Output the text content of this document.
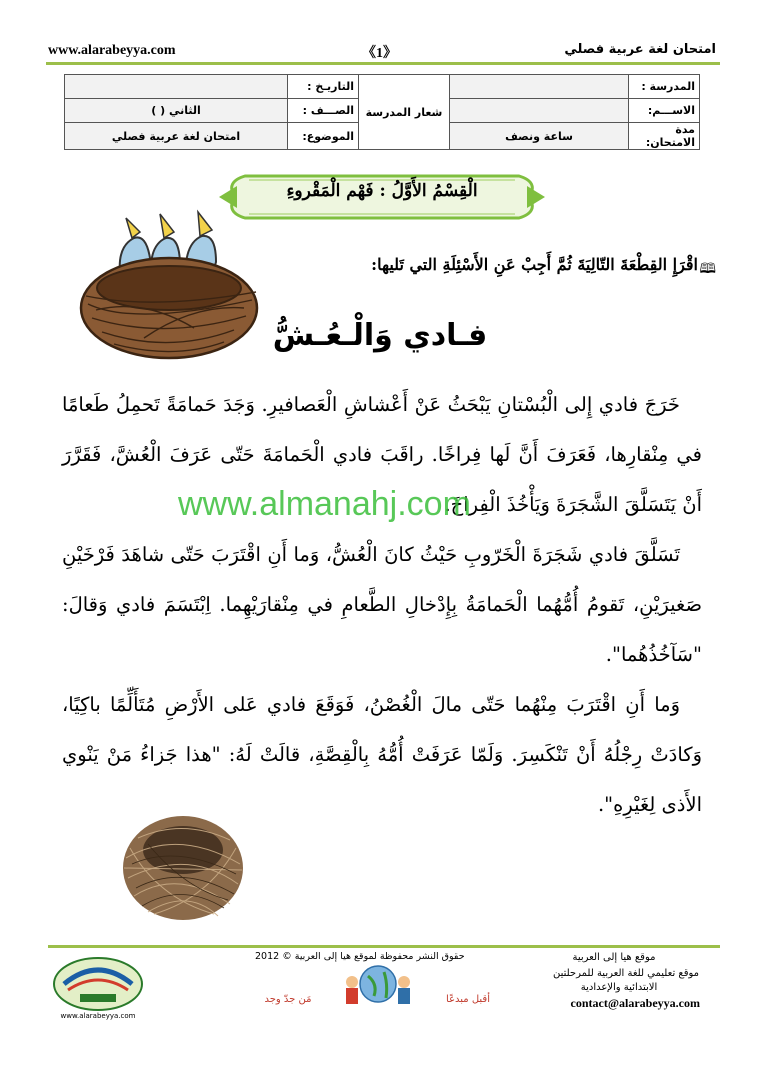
www.alarabeyya.com	《1》	امتحان لغة عربية فصلي
المدرسة :		شعار المدرسة	التاريـخ :	
الاســـم:			الصـــف :	الثاني ( )
مدة الامتحان:	ساعة ونصف		الموضوع:	امتحان لغة عربية فصلي
الْقِسْمُ الأَوَّلُ : فَهْم الْمَقْروءِ
🕮
اقْرَإِ القِطْعَةَ التّالِيَةَ ثُمَّ أَجِبْ عَنِ الأَسْئِلَةِ التي تَليها:
فـادي وَالْـعُـشُّ
خَرَجَ فادي إِلى الْبُسْتانِ يَبْحَثُ عَنْ أَعْشاشِ الْعَصافيرِ. وَجَدَ حَمامَةً تَحمِلُ طَعامًا في مِنْقارِها، فَعَرَفَ أَنَّ لَها فِراخًا. راقَبَ فادي الْحَمامَةَ حَتّى عَرَفَ الْعُشَّ، فَقَرَّرَ أَنْ يَتَسَلَّقَ الشَّجَرَةَ وَيَأْخُذَ الْفِراخَ.
تَسَلَّقَ فادي شَجَرَةَ الْخَرّوبِ حَيْثُ كانَ الْعُشُّ، وَما أَنِ اقْتَرَبَ حَتّى شاهَدَ فَرْخَيْنِ صَغيرَيْنِ، تَقومُ أُمُّهُما الْحَمامَةُ بِإِدْخالِ الطَّعامِ في مِنْقارَيْهِما. اِبْتَسَمَ فادي وَقالَ: "سَآخُذُهُما".
وَما أَنِ اقْتَرَبَ مِنْهُما حَتّى مالَ الْغُصْنُ، فَوَقَعَ فادي عَلى الأَرْضِ مُتَأَلِّمًا باكِيًا، وَكادَتْ رِجْلُهُ أَنْ تَنْكَسِرَ. وَلَمّا عَرَفَتْ أُمُّهُ بِالْقِصَّةِ، قالَتْ لَهُ: "هذا جَزاءُ مَنْ يَنْوي الأَذى لِغَيْرِهِ".
www.almanahj.com
حقوق النشر محفوظة لموقع هيا إلى العربية © 2012	موقع هيا إلى العربية
موقع تعليمي للغة العربية للمرحلتين
الابتدائية والإعدادية
contact@alarabeyya.com
www.alarabeyya.com
مَن جدّ وجد	أقبل مبدعًا
